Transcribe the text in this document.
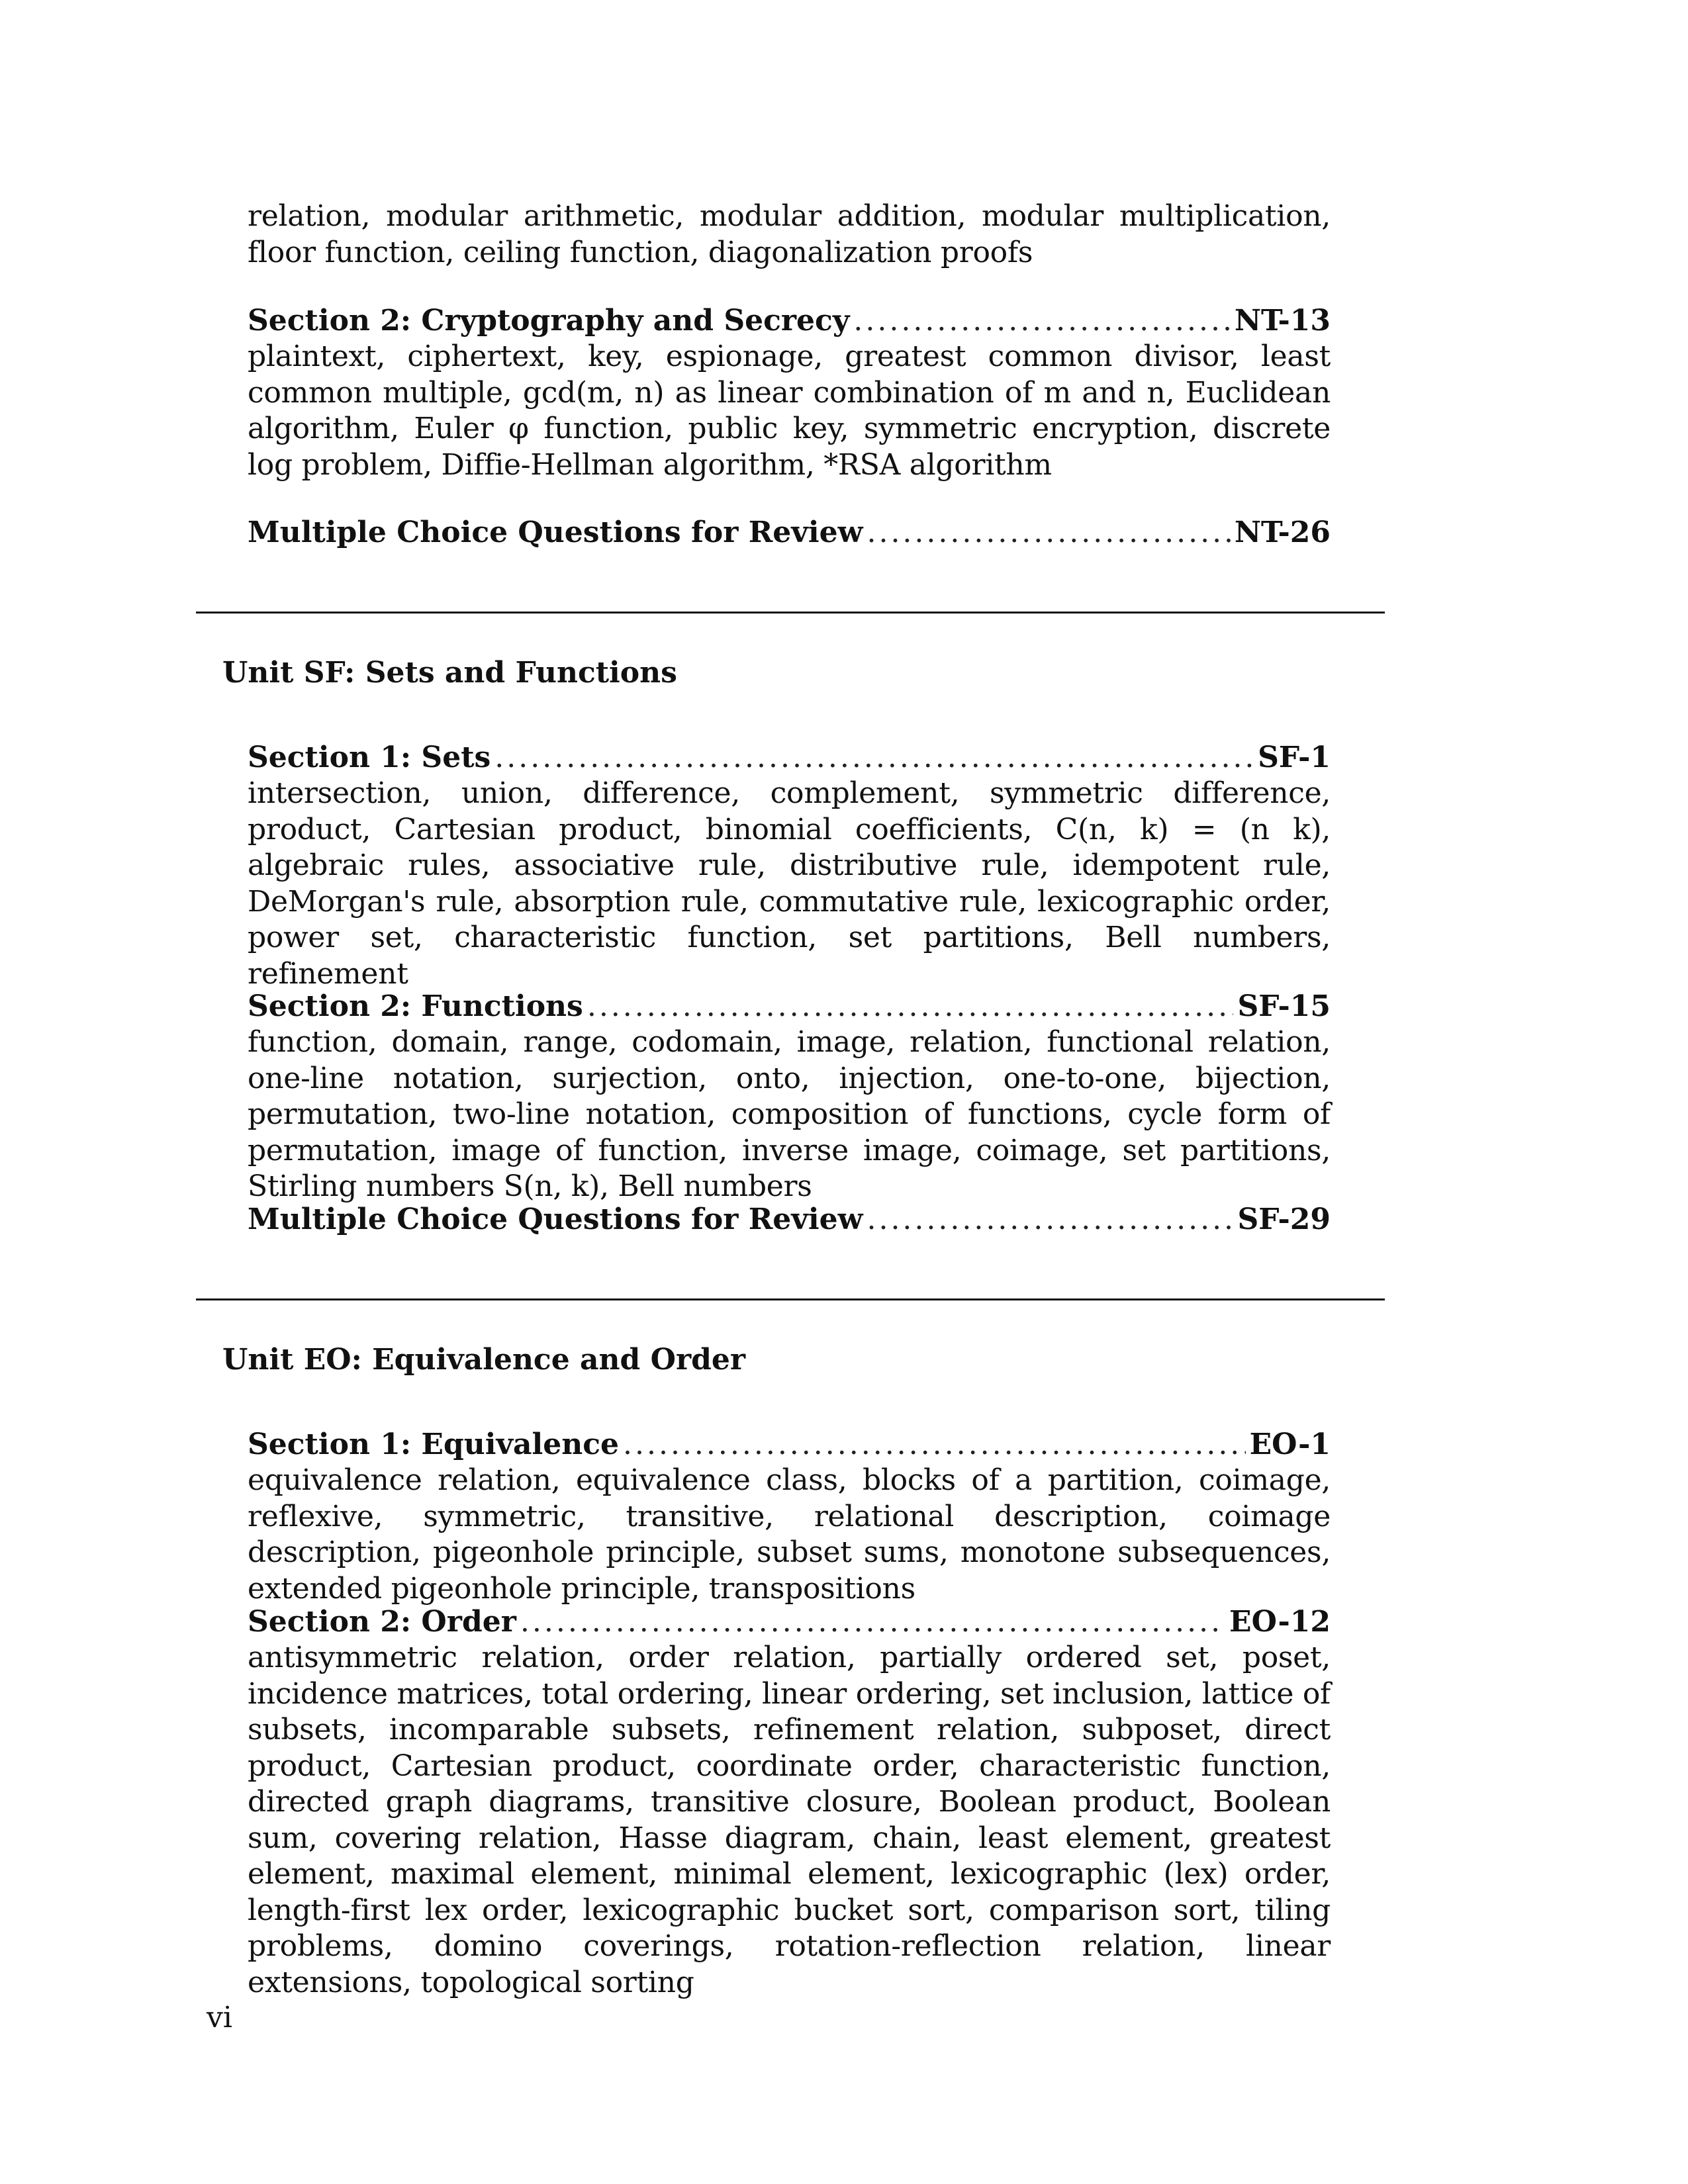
relation, modular arithmetic, modular addition, modular multiplication, floor function, ceiling function, diagonalization proofs

Section 2: Cryptography and Secrecy .....	NT-13

plaintext, ciphertext, key, espionage, greatest common divisor, least common multiple, gcd(m, n) as linear combination of m and n, Euclidean algorithm, Euler φ function, public key, symmetric encryption, discrete log problem, Diffie-Hellman algorithm, *RSA algorithm

Multiple Choice Questions for Review .....	NT-26
Unit SF: Sets and Functions
Section 1: Sets .....	SF-1

intersection, union, difference, complement, symmetric difference, product, Cartesian product, binomial coefficients, C(n, k) = (n k), algebraic rules, associative rule, distributive rule, idempotent rule, DeMorgan's rule, absorption rule, commutative rule, lexicographic order, power set, characteristic function, set partitions, Bell numbers, refinement

Section 2: Functions .....	SF-15

function, domain, range, codomain, image, relation, functional relation, one-line notation, surjection, onto, injection, one-to-one, bijection, permutation, two-line notation, composition of functions, cycle form of permutation, image of function, inverse image, coimage, set partitions, Stirling numbers S(n, k), Bell numbers

Multiple Choice Questions for Review .....	SF-29
Unit EO: Equivalence and Order
Section 1: Equivalence .....	EO-1

equivalence relation, equivalence class, blocks of a partition, coimage, reflexive, symmetric, transitive, relational description, coimage description, pigeonhole principle, subset sums, monotone subsequences, extended pigeonhole principle, transpositions

Section 2: Order .....	EO-12

antisymmetric relation, order relation, partially ordered set, poset, incidence matrices, total ordering, linear ordering, set inclusion, lattice of subsets, incomparable subsets, refinement relation, subposet, direct product, Cartesian product, coordinate order, characteristic function, directed graph diagrams, transitive closure, Boolean product, Boolean sum, covering relation, Hasse diagram, chain, least element, greatest element, maximal element, minimal element, lexicographic (lex) order, length-first lex order, lexicographic bucket sort, comparison sort, tiling problems, domino coverings, rotation-reflection relation, linear extensions, topological sorting

vi
